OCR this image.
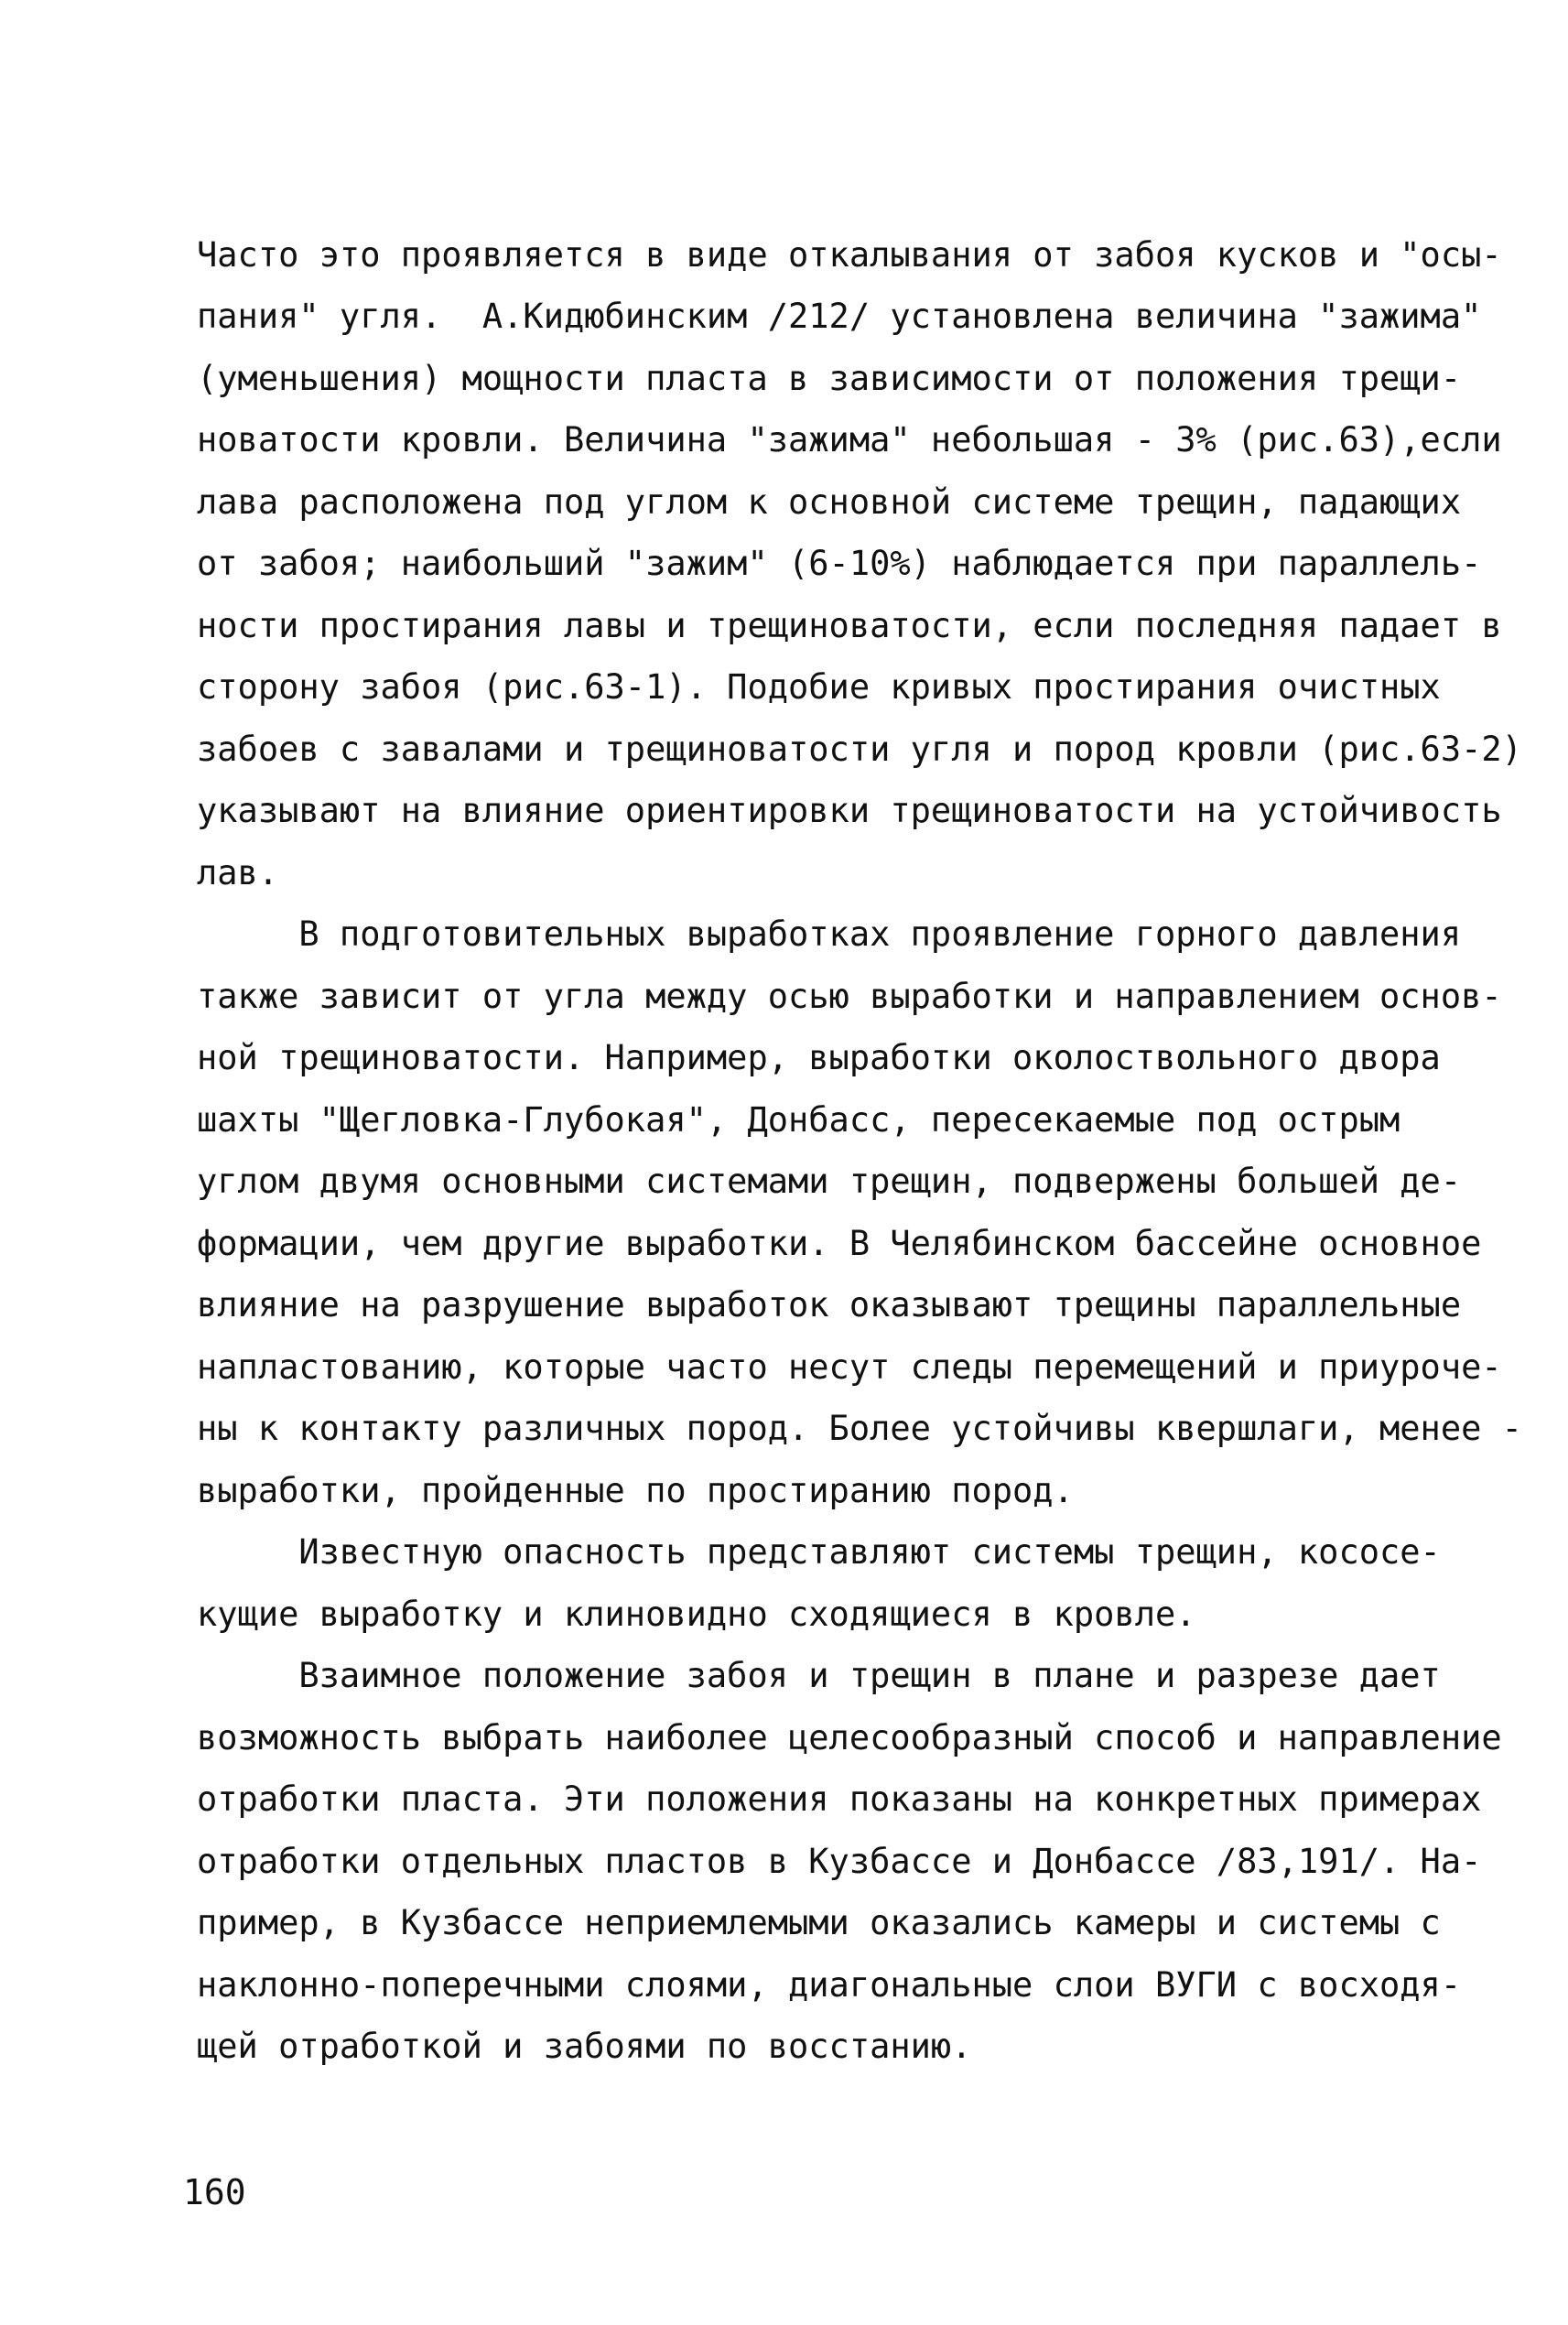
Часто это проявляется в виде откалывания от забоя кусков и "осы-
пания" угля.  А.Кидюбинским /212/ установлена величина "зажима"
(уменьшения) мощности пласта в зависимости от положения трещи-
новатости кровли. Величина "зажима" небольшая - 3% (рис.63),если
лава расположена под углом к основной системе трещин, падающих
от забоя; наибольший "зажим" (6-10%) наблюдается при параллель-
ности простирания лавы и трещиноватости, если последняя падает в
сторону забоя (рис.63-1). Подобие кривых простирания очистных
забоев с завалами и трещиноватости угля и пород кровли (рис.63-2)
указывают на влияние ориентировки трещиноватости на устойчивость
лав.
В подготовительных выработках проявление горного давления
также зависит от угла между осью выработки и направлением основ-
ной трещиноватости. Например, выработки околоствольного двора
шахты "Щегловка-Глубокая", Донбасс, пересекаемые под острым
углом двумя основными системами трещин, подвержены большей де-
формации, чем другие выработки. В Челябинском бассейне основное
влияние на разрушение выработок оказывают трещины параллельные
напластованию, которые часто несут следы перемещений и приуроче-
ны к контакту различных пород. Более устойчивы квершлаги, менее -
выработки, пройденные по простиранию пород.
Известную опасность представляют системы трещин, кососе-
кущие выработку и клиновидно сходящиеся в кровле.
Взаимное положение забоя и трещин в плане и разрезе дает
возможность выбрать наиболее целесообразный способ и направление
отработки пласта. Эти положения показаны на конкретных примерах
отработки отдельных пластов в Кузбассе и Донбассе /83,191/. На-
пример, в Кузбассе неприемлемыми оказались камеры и системы с
наклонно-поперечными слоями, диагональные слои ВУГИ с восходя-
щей отработкой и забоями по восстанию.
160
